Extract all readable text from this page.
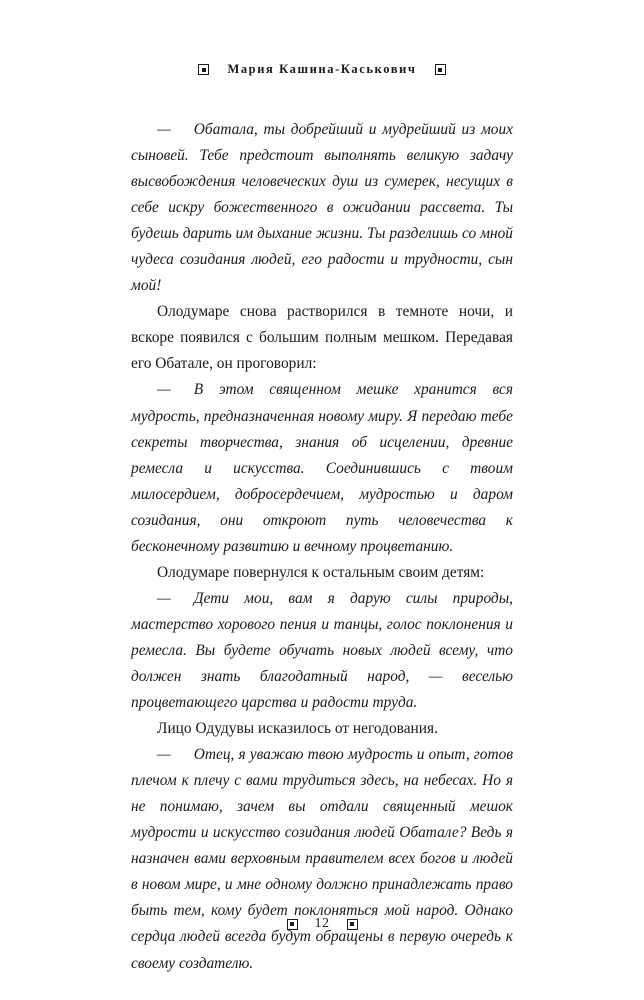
Мария Кашина-Каськович

—   Обатала, ты добрейший и мудрейший из моих сыновей. Тебе предстоит выполнять великую задачу высвобождения человеческих душ из сумерек, несущих в себе искру божественного в ожидании рассвета. Ты будешь дарить им дыхание жизни. Ты разделишь со мной чудеса созидания людей, его радости и трудности, сын мой!

Олодумаре снова растворился в темноте ночи, и вскоре появился с большим полным мешком. Передавая его Обатале, он проговорил:

—   В этом священном мешке хранится вся мудрость, предназначенная новому миру. Я передаю тебе секреты творчества, знания об исцелении, древние ремесла и искусства. Соединившись с твоим милосердием, добросердечием, мудростью и даром созидания, они откроют путь человечества к бесконечному развитию и вечному процветанию.

Олодумаре повернулся к остальным своим детям:

—   Дети мои, вам я дарую силы природы, мастерство хорового пения и танцы, голос поклонения и ремесла. Вы будете обучать новых людей всему, что должен знать благодатный народ, — веселью процветающего царства и радости труда.

Лицо Одудувы исказилось от негодования.

—   Отец, я уважаю твою мудрость и опыт, готов плечом к плечу с вами трудиться здесь, на небесах. Но я не понимаю, зачем вы отдали священный мешок мудрости и искусство созидания людей Обатале? Ведь я назначен вами верховным правителем всех богов и людей в новом мире, и мне одному должно принадлежать право быть тем, кому будет поклоняться мой народ. Однако сердца людей всегда будут обращены в первую очередь к своему создателю.

12
